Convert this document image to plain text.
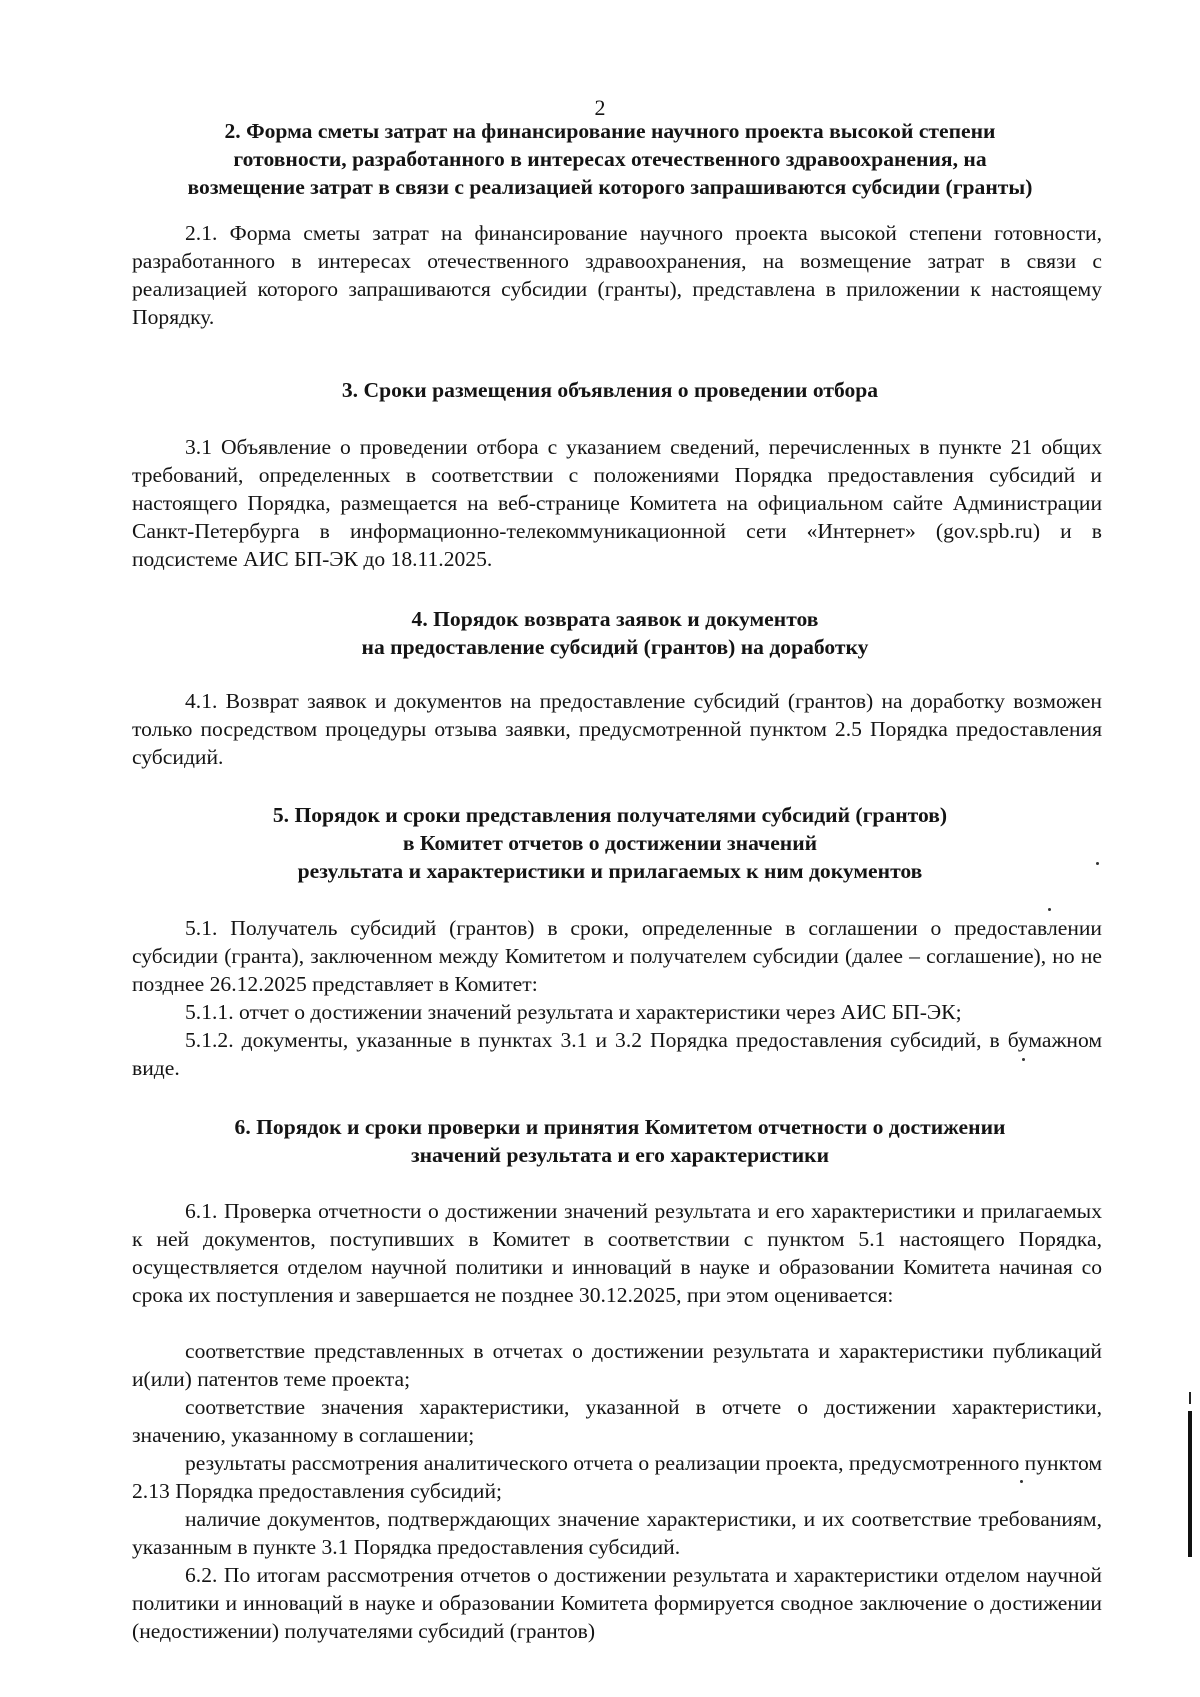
2
2. Форма сметы затрат на финансирование научного проекта высокой степени
готовности, разработанного в интересах отечественного здравоохранения, на
возмещение затрат в связи с реализацией которого запрашиваются субсидии (гранты)
2.1. Форма сметы затрат на финансирование научного проекта высокой степени готовности, разработанного в интересах отечественного здравоохранения, на возмещение затрат в связи с реализацией которого запрашиваются субсидии (гранты), представлена в приложении к настоящему Порядку.
3. Сроки размещения объявления о проведении отбора
3.1 Объявление о проведении отбора с указанием сведений, перечисленных в пункте 21 общих требований, определенных в соответствии с положениями Порядка предоставления субсидий и настоящего Порядка, размещается на веб-странице Комитета на официальном сайте Администрации Санкт-Петербурга в информационно-телекоммуникационной сети «Интернет» (gov.spb.ru) и в подсистеме АИС БП-ЭК до 18.11.2025.
4. Порядок возврата заявок и документов
на предоставление субсидий (грантов) на доработку
4.1. Возврат заявок и документов на предоставление субсидий (грантов) на доработку возможен только посредством процедуры отзыва заявки, предусмотренной пунктом 2.5 Порядка предоставления субсидий.
5. Порядок и сроки представления получателями субсидий (грантов)
в Комитет отчетов о достижении значений
результата и характеристики и прилагаемых к ним документов
5.1. Получатель субсидий (грантов) в сроки, определенные в соглашении о предоставлении субсидии (гранта), заключенном между Комитетом и получателем субсидии (далее – соглашение), но не позднее 26.12.2025 представляет в Комитет:
5.1.1. отчет о достижении значений результата и характеристики через АИС БП-ЭК;
5.1.2. документы, указанные в пунктах 3.1 и 3.2 Порядка предоставления субсидий, в бумажном виде.
6. Порядок и сроки проверки и принятия Комитетом отчетности о достижении
значений результата и его характеристики
6.1. Проверка отчетности о достижении значений результата и его характеристики и прилагаемых к ней документов, поступивших в Комитет в соответствии с пунктом 5.1 настоящего Порядка, осуществляется отделом научной политики и инноваций в науке и образовании Комитета начиная со срока их поступления и завершается не позднее 30.12.2025, при этом оценивается:
соответствие представленных в отчетах о достижении результата и характеристики публикаций и(или) патентов теме проекта;
соответствие значения характеристики, указанной в отчете о достижении характеристики, значению, указанному в соглашении;
результаты рассмотрения аналитического отчета о реализации проекта, предусмотренного пунктом 2.13 Порядка предоставления субсидий;
наличие документов, подтверждающих значение характеристики, и их соответствие требованиям, указанным в пункте 3.1 Порядка предоставления субсидий.
6.2. По итогам рассмотрения отчетов о достижении результата и характеристики отделом научной политики и инноваций в науке и образовании Комитета формируется сводное заключение о достижении (недостижении) получателями субсидий (грантов)
